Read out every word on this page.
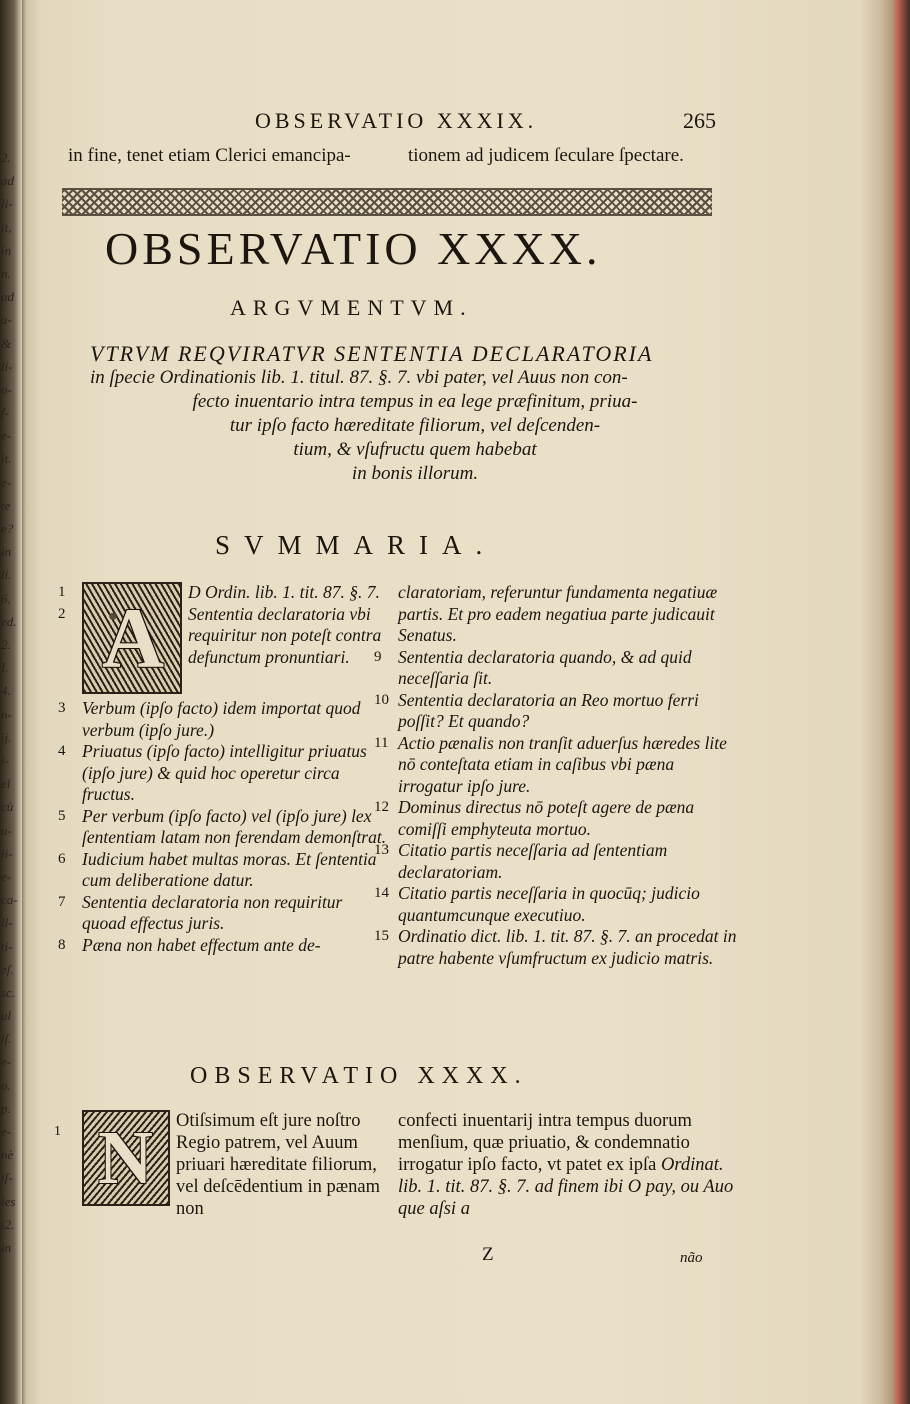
2.
ad
li-
it,
in
n.
ad
a-
&
li-
o-
ſ-
e-
it.
e-
te
e?
in
li.
6,
ed.
2.
I.
4.
n-
ij.
i-
el
cù
u-
li-
e-
ca-
ll-
ti-
eſ.
sc.
ul
iſ.
e-
o.
p.
e-
nè
iſ-
les
i2.
in
OBSERVATIO XXXIX.	265
in fine, tenet etiam Clerici emancipa-	tionem ad judicem ſeculare ſpectare.
OBSERVATIO XXXX.
ARGVMENTVM.
VTRVM REQVIRATVR SENTENTIA DECLARATORIA
in ſpecie Ordinationis lib. 1. titul. 87. §. 7. vbi pater, vel Auus non con-
fecto inuentario intra tempus in ea lege præfinitum, priua-
tur ipſo facto hæreditate filiorum, vel deſcenden-
tium, & vſufructu quem habebat
in bonis illorum.
SVMMARIA.
A
1	D Ordin. lib. 1. tit. 87. §. 7.
2	Sententia declaratoria vbi requiritur non poteſt contra defunctum pronuntiari.
3 Verbum (ipſo facto) idem importat quod verbum (ipſo jure.)
4 Priuatus (ipſo facto) intelligitur priuatus (ipſo jure) & quid hoc operetur circa fructus.
5 Per verbum (ipſo facto) vel (ipſo jure) lex ſententiam latam non ferendam demonſtrat.
6 Iudicium habet multas moras. Et ſententia cum deliberatione datur.
7 Sententia declaratoria non requiritur quoad effectus juris.
8 Pæna non habet effectum ante de-
claratoriam, referuntur fundamenta negatiuæ partis. Et pro eadem negatiua parte judicauit Senatus.
9 Sententia declaratoria quando, & ad quid neceſſaria ſit.
10 Sententia declaratoria an Reo mortuo ferri poſſit? Et quando?
11 Actio pænalis non tranſit aduerſus hæredes lite nō conteſtata etiam in caſibus vbi pæna irrogatur ipſo jure.
12 Dominus directus nō poteſt agere de pæna comiſſi emphyteuta mortuo.
13 Citatio partis neceſſaria ad ſententiam declaratoriam.
14 Citatio partis neceſſaria in quocūq; judicio quantumcunque executiuo.
15 Ordinatio dict. lib. 1. tit. 87. §. 7. an procedat in patre habente vſumfructum ex judicio matris.
OBSERVATIO XXXX.
1 N Otiſsimum eſt jure noſtro Regio patrem, vel Auum priuari hæreditate filiorum, vel deſcēdentium in pænam non
confecti inuentarij intra tempus duorum menſium, quæ priuatio, & condemnatio irrogatur ipſo facto, vt patet ex ipſa Ordinat. lib. 1. tit. 87. §. 7. ad finem ibi O pay, ou Auo que aſsi a
Z	não
